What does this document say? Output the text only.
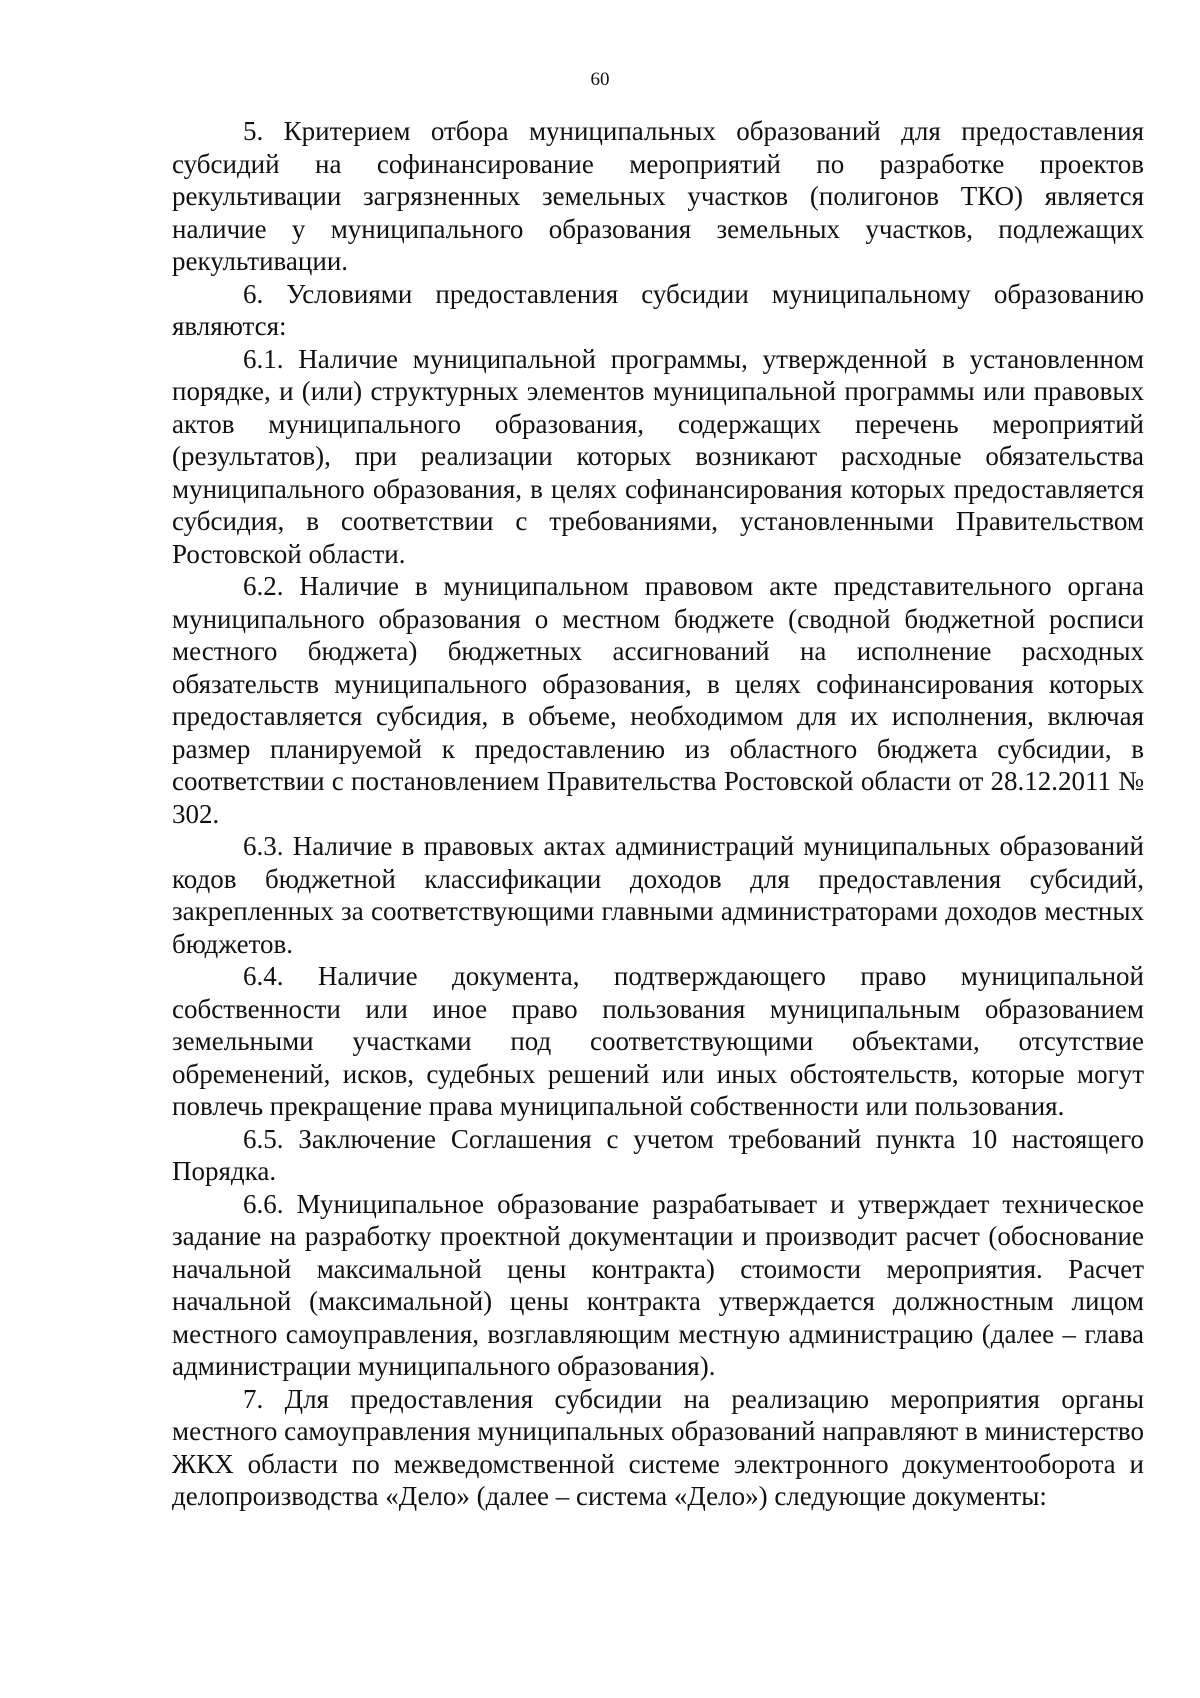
60

5. Критерием отбора муниципальных образований для предоставления субсидий на софинансирование мероприятий по разработке проектов рекультивации загрязненных земельных участков (полигонов ТКО) является наличие у муниципального образования земельных участков, подлежащих рекультивации.

6. Условиями предоставления субсидии муниципальному образованию являются:

6.1. Наличие муниципальной программы, утвержденной в установленном порядке, и (или) структурных элементов муниципальной программы или правовых актов муниципального образования, содержащих перечень мероприятий (результатов), при реализации которых возникают расходные обязательства муниципального образования, в целях софинансирования которых предоставляется субсидия, в соответствии с требованиями, установленными Правительством Ростовской области.

6.2. Наличие в муниципальном правовом акте представительного органа муниципального образования о местном бюджете (сводной бюджетной росписи местного бюджета) бюджетных ассигнований на исполнение расходных обязательств муниципального образования, в целях софинансирования которых предоставляется субсидия, в объеме, необходимом для их исполнения, включая размер планируемой к предоставлению из областного бюджета субсидии, в соответствии с постановлением Правительства Ростовской области от 28.12.2011 № 302.

6.3. Наличие в правовых актах администраций муниципальных образований кодов бюджетной классификации доходов для предоставления субсидий, закрепленных за соответствующими главными администраторами доходов местных бюджетов.

6.4. Наличие документа, подтверждающего право муниципальной собственности или иное право пользования муниципальным образованием земельными участками под соответствующими объектами, отсутствие обременений, исков, судебных решений или иных обстоятельств, которые могут повлечь прекращение права муниципальной собственности или пользования.

6.5. Заключение Соглашения с учетом требований пункта 10 настоящего Порядка.

6.6. Муниципальное образование разрабатывает и утверждает техническое задание на разработку проектной документации и производит расчет (обоснование начальной максимальной цены контракта) стоимости мероприятия. Расчет начальной (максимальной) цены контракта утверждается должностным лицом местного самоуправления, возглавляющим местную администрацию (далее – глава администрации муниципального образования).

7. Для предоставления субсидии на реализацию мероприятия органы местного самоуправления муниципальных образований направляют в министерство ЖКХ области по межведомственной системе электронного документооборота и делопроизводства «Дело» (далее – система «Дело») следующие документы:
